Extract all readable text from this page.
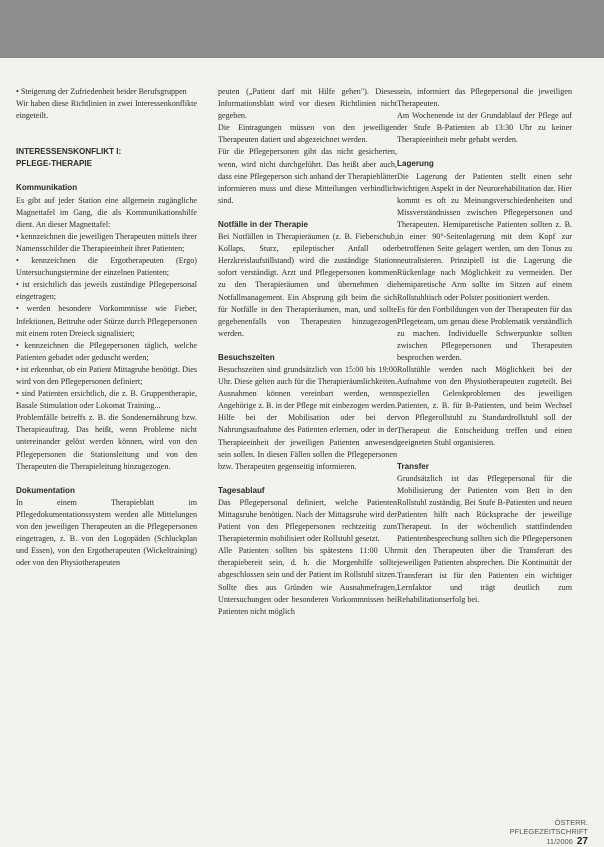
• Steigerung der Zufriedenheit beider Berufsgruppen
Wir haben diese Richtlinien in zwei Interessenkonflikte eingeteilt.
INTERESSENSKONFLIKT I:
PFLEGE-THERAPIE
Kommunikation
Es gibt auf jeder Station eine allgemein zugängliche Magnettafel im Gang, die als Kommunikationshilfe dient. An dieser Magnettafel:
• kennzeichnen die jeweiligen Therapeuten mittels ihrer Namensschilder die Therapieeinheit ihrer Patienten;
• kennzeichnen die Ergotherapeuten (Ergo) Untersuchungstermine der einzelnen Patienten;
• ist ersichtlich das jeweils zuständige Pflegepersonal eingetragen;
• werden besondere Vorkommnisse wie Fieber, Infektionen, Bettruhe oder Stürze durch Pflegepersonen mit einem roten Dreieck signalisiert;
• kennzeichnen die Pflegepersonen täglich, welche Patienten gebadet oder geduscht werden;
• ist erkennbar, ob ein Patient Mittagruhe benötigt. Dies wird von den Pflegepersonen definiert;
• sind Patienten ersichtlich, die z. B. Gruppentherapie, Basale Stimulation oder Lokomat Training...
Problemfälle betreffs z. B. die Sondenernährung bzw. Therapieauftrag. Das heißt, wenn Probleme nicht untereinander gelöst werden können, wird von den Pflegepersonen die Stationsleitung und von den Therapeuten die Therapieleitung hinzugezogen.
Dokumentation
In einem Therapieblatt im Pflegedokumentationssystem werden alle Mittelungen von den jeweiligen Therapeuten an die Pflegepersonen eingetragen, z. B. von den Logopäden (Schluckplan und Essen), von den Ergotherapeuten (Wickeltraining) oder von den Physiotherapeuten
peuten („Patient darf mit Hilfe gehen"). Dieses Informationsblatt wird vor diesen Richtlinien nicht gegeben.
Die Eintragungen müssen von den jeweiligen Therapeuten datiert und abgezeichnet werden.
Für die Pflegepersonen gibt das nicht gesicherten, wenn, wird nicht durchgeführt. Das heißt aber auch, dass eine Pflegeperson sich anhand der Therapieblätter informieren muss und diese Mitteilungen verbindlich sind.
Notfälle in der Therapie
Bei Notfällen in Therapieräumen (z. B. Fieberschub, Kollaps, Sturz, epileptischer Anfall oder Herzkreislaufstillstand) wird die zuständige Station sofort verständigt. Arzt und Pflegepersonen kommen zu den Therapieräumen und übernehmen die Notfallmanagement. Ein Absprung gilt beim die sich für Notfälle in den Therapieräumen, man, und sollte gegebenenfalls von Therapeuten hinzugezogen werden.
Besuchszeiten
Besuchszeiten sind grundsätzlich von 15:00 bis 19:00 Uhr. Diese gelten auch für die Therapieräumlichkeiten. Ausnahmen können vereinbart werden, wenn Angehörige z. B. in der Pflege mit einbezogen werden. Hilfe bei der Mobilisation oder bei der Nahrungsaufnahme des Patienten erlernen, oder in der Therapieeinheit der jeweiligen Patienten anwesend sein sollen. In diesen Fällen sollen die Pflegepersonen bzw. Therapeuten gegenseitig informieren.
Tagesablauf
Das Pflegepersonal definiert, welche Patienten Mittagsruhe benötigen. Nach der Mittagsruhe wird der Patient von den Pflegepersonen rechtzeitig zum Therapietermin mobilisiert oder Rollstuhl gesetzt.
Alle Patienten sollten bis spätestens 11:00 Uhr therapiebereit sein, d. h. die Morgenhilfe sollte abgeschlossen sein und der Patient im Rollstuhl sitzen. Sollte dies aus Gründen wie Ausnahmefragen, Untersuchungen oder besonderen Vorkommnissen bei Patienten nicht möglich
sein, informiert das Pflegepersonal die jeweiligen Therapeuten.
Am Wochenende ist der Grundablauf der Pflege auf der Stufe B-Patienten ab 13:30 Uhr zu keiner Therapieeinheit mehr gehabt werden.
Lagerung
Die Lagerung der Patienten stellt einen sehr wichtigen Aspekt in der Neurorehabilitation dar. Hier kommt es oft zu Meinungsverschiedenheiten und Missverständnissen zwischen Pflegepersonen und Therapeuten. Hemiparetische Patienten sollten z. B. in einer 90°-Seitenlagerung mit dem Kopf zur betroffenen Seite gelagert werden, um den Tonus zu neutralisieren. Prinzipiell ist die Lagerung die Rückenlage nach Möglichkeit zu vermeiden. Der hemiparetische Arm sollte im Sitzen auf einem Rollstuhltisch oder Polster positioniert werden.
Es für den Fortbildungen von der Therapeuten für das Pflegeteam, um genau diese Problematik verständlich zu machen. Individuelle Schwerpunkte sollten zwischen Pflegepersonen und Therapeuten besprochen werden.
Rollstühle werden nach Möglichkeit bei der Aufnahme von den Physiotherapeuten zugeteilt. Bei speziellen Gelenkproblemen des jeweiligen Patienten, z. B. für B-Patienten, und beim Wechsel von Pflegerollstuhl zu Standardrollstuhl soll der Therapeut die Entscheidung treffen und einen geeigneten Stuhl organisieren.
Transfer
Grundsätzlich ist das Pflegepersonal für die Mobilisierung der Patienten vom Bett in den Rollstuhl zuständig. Bei Stufe B-Patienten und neuen Patienten hilft nach Rücksprache der jeweilige Therapeut. In der wöchentlich stattfindenden Patientenbesprechung sollten sich die Pflegepersonen mit den Therapeuten über die Transferart des jeweiligen Patienten absprechen. Die Kontinuität der Transferart ist für den Patienten ein wichtiger Lernfaktor und trägt deutlich zum Rehabilitationserfolg bei.
ÖSTERR. PFLEGEZEITSCHRIFT 11/2006 27
